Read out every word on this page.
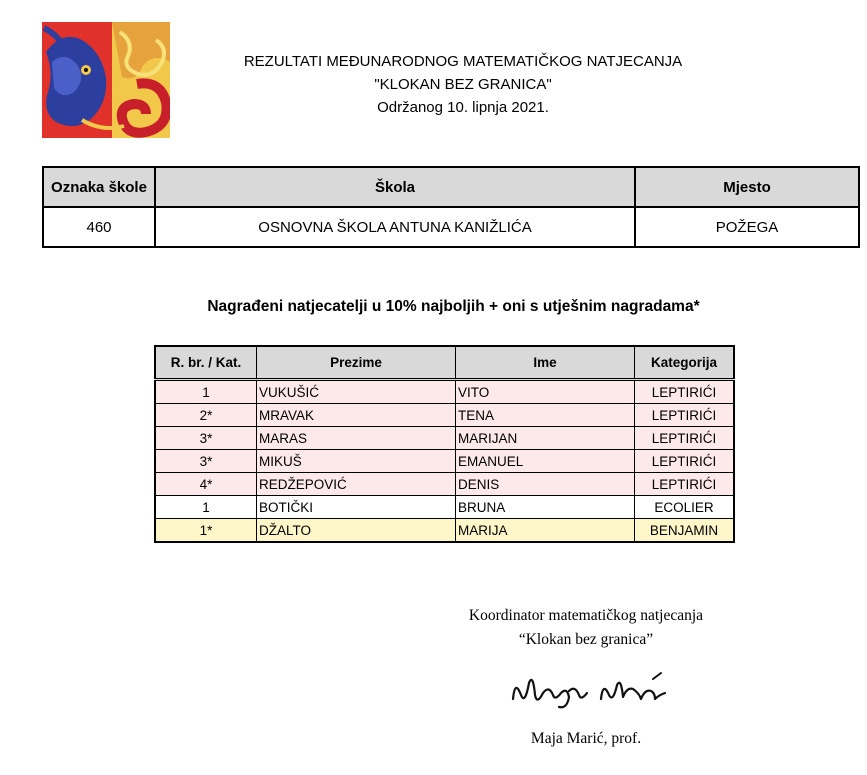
REZULTATI MEĐUNARODNOG MATEMATIČKOG NATJECANJA
"KLOKAN BEZ GRANICA"
Održanog 10. lipnja 2021.
Oznaka škole	Škola	Mjesto
460	OSNOVNA ŠKOLA ANTUNA KANIŽLIĆA	POŽEGA
Nagrađeni natjecatelji u 10% najboljih + oni s utješnim nagradama*
R. br. / Kat.	Prezime	Ime	Kategorija
1	VUKUŠIĆ	VITO	LEPTIRIĆI
2*	MRAVAK	TENA	LEPTIRIĆI
3*	MARAS	MARIJAN	LEPTIRIĆI
3*	MIKUŠ	EMANUEL	LEPTIRIĆI
4*	REDŽEPOVIĆ	DENIS	LEPTIRIĆI
1	BOTIČKI	BRUNA	ECOLIER
1*	DŽALTO	MARIJA	BENJAMIN
Koordinator matematičkog natjecanja
“Klokan bez granica”
Maja Marić, prof.
